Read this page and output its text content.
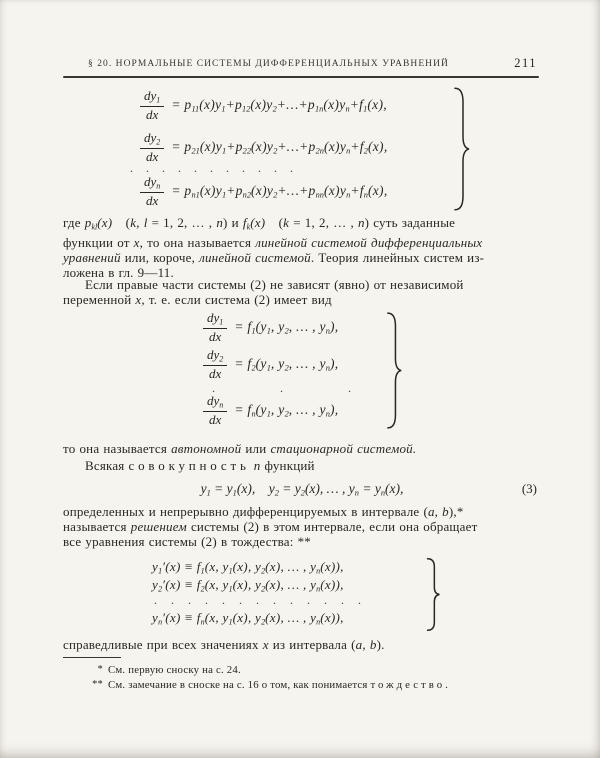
§ 20. НОРМАЛЬНЫЕ СИСТЕМЫ ДИФФЕРЕНЦИАЛЬНЫХ УРАВНЕНИЙ	211
$\frac{dy1}{dx}$ = p11(x)y1+p12(x)y2+…+p1n(x)yn+f1(x),
$\frac{dy2}{dx}$ = p21(x)y1+p22(x)y2+…+p2n(x)yn+f2(x),
. . . . . . . . . . .
$\frac{\text{dyn}}{dx}$ = pn1(x)y1+pn2(x)y2+…+pnn(x)yn+fn(x),
где pkl(x)  (k, l = 1, 2, … , n) и fk(x)  (k = 1, 2, … , n) суть заданные
функции от x, то она называется линейной системой дифференциальных
уравнений или, короче, линейной системой. Теория линейных систем из-
ложена в гл. 9—11.
Если правые части системы (2) не зависят (явно) от независимой
переменной x, т. е. если система (2) имеет вид
$\frac{dy1}{dx} = f1(y1$, y2, … , yn),
$\frac{dy2}{dx} = f2(y1$, y2, … , yn),
. . .
$\frac{\text{dyn}}{dx} = fn(y1$, y2, … , yn),
то она называется автономной или стационарной системой.
Всякая совокупность n функций
y1 = y1(x),  y2 = y2(x), … , yn = yn(x),	(3)
определенных и непрерывно дифференцируемых в интервале (a, b),*
называется решением системы (2) в этом интервале, если она обращает
все уравнения системы (2) в тождества: **
y1′(x) ≡ f1(x, y1(x), y2(x), … , yn(x)),
y2′(x) ≡ f2(x, y1(x), y2(x), … , yn(x)),
. . . . . . . . . . . . .
yn′(x) ≡ fn(x, y1(x), y2(x), … , yn(x)),
справедливые при всех значениях x из интервала (a, b).
* См. первую сноску на с. 24.
** См. замечание в сноске на с. 16 о том, как понимается тождество.
